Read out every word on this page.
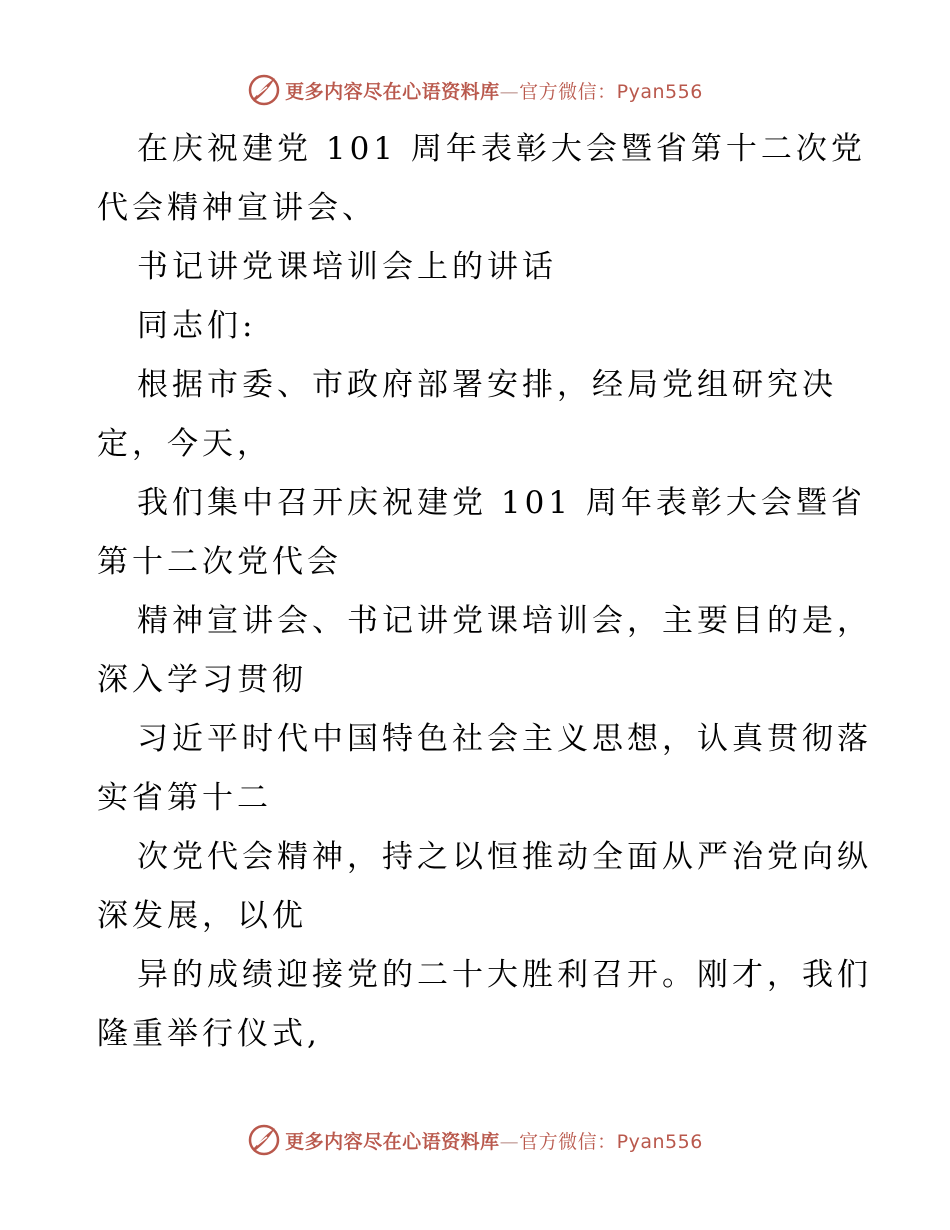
更多内容尽在心语资料库—官方微信：Pyan556
在庆祝建党 101 周年表彰大会暨省第十二次党
代会精神宣讲会、
书记讲党课培训会上的讲话
同志们:
根据市委、市政府部署安排，经局党组研究决
定，今天，
我们集中召开庆祝建党 101 周年表彰大会暨省
第十二次党代会
精神宣讲会、书记讲党课培训会，主要目的是，
深入学习贯彻
习近平时代中国特色社会主义思想，认真贯彻落
实省第十二
次党代会精神，持之以恒推动全面从严治党向纵
深发展，以优
异的成绩迎接党的二十大胜利召开。刚才，我们
隆重举行仪式,
更多内容尽在心语资料库—官方微信：Pyan556
